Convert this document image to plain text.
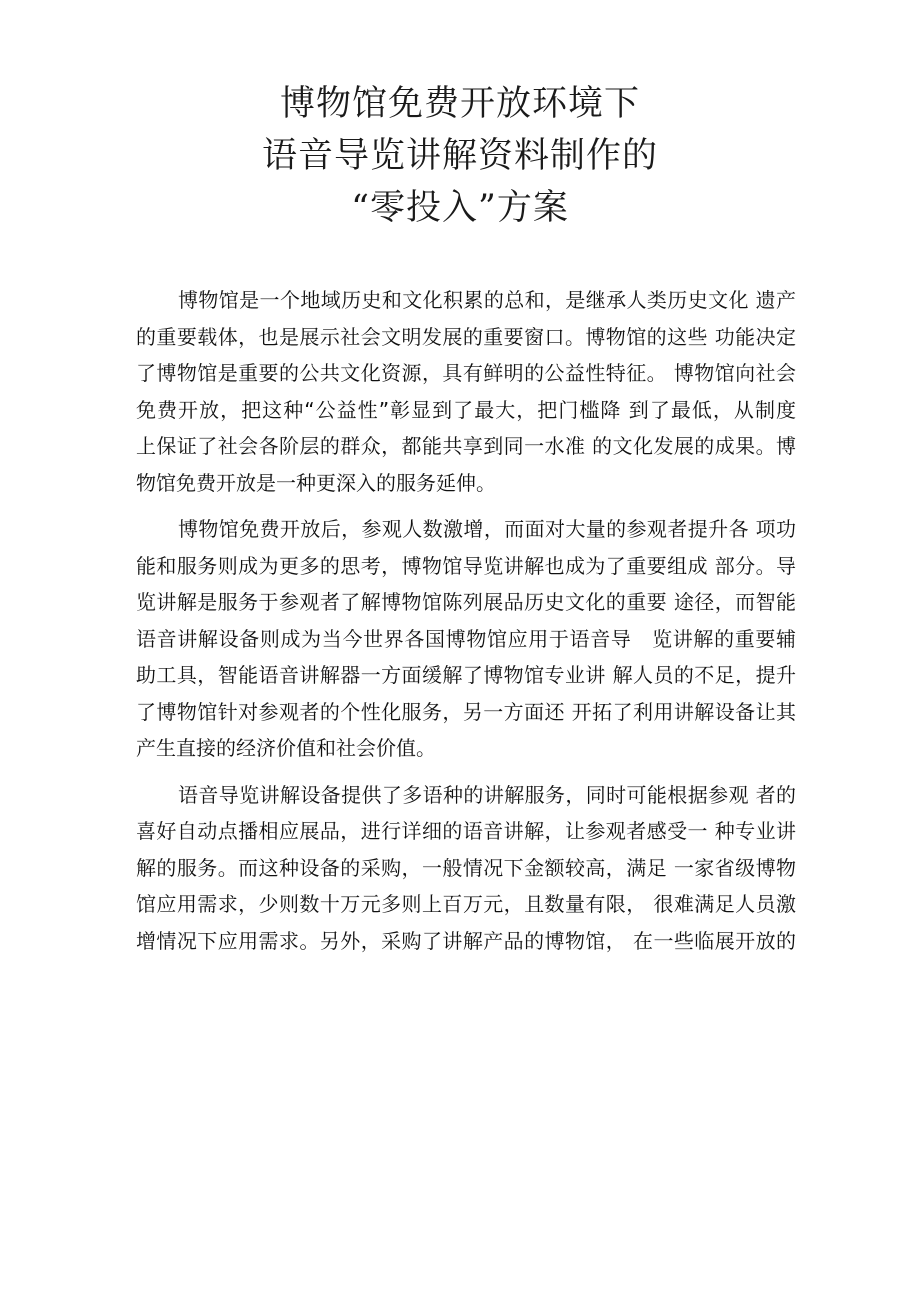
博物馆免费开放环境下
语音导览讲解资料制作的
“零投入”方案
博物馆是一个地域历史和文化积累的总和，是继承人类历史文化 遗产
的重要载体，也是展示社会文明发展的重要窗口。博物馆的这些 功能决定
了博物馆是重要的公共文化资源，具有鲜明的公益性特征。 博物馆向社会
免费开放，把这种“公益性”彰显到了最大，把门槛降 到了最低，从制度
上保证了社会各阶层的群众，都能共享到同一水准 的文化发展的成果。博
物馆免费开放是一种更深入的服务延伸。
博物馆免费开放后，参观人数激增，而面对大量的参观者提升各 项功
能和服务则成为更多的思考，博物馆导览讲解也成为了重要组成 部分。导
览讲解是服务于参观者了解博物馆陈列展品历史文化的重要 途径，而智能
语音讲解设备则成为当今世界各国博物馆应用于语音导　览讲解的重要辅
助工具，智能语音讲解器一方面缓解了博物馆专业讲 解人员的不足，提升
了博物馆针对参观者的个性化服务，另一方面还 开拓了利用讲解设备让其
产生直接的经济价值和社会价值。
语音导览讲解设备提供了多语种的讲解服务，同时可能根据参观 者的
喜好自动点播相应展品，进行详细的语音讲解，让参观者感受一 种专业讲
解的服务。而这种设备的采购，一般情况下金额较高，满足 一家省级博物
馆应用需求，少则数十万元多则上百万元，且数量有限， 很难满足人员激
增情况下应用需求。另外，采购了讲解产品的博物馆， 在一些临展开放的
